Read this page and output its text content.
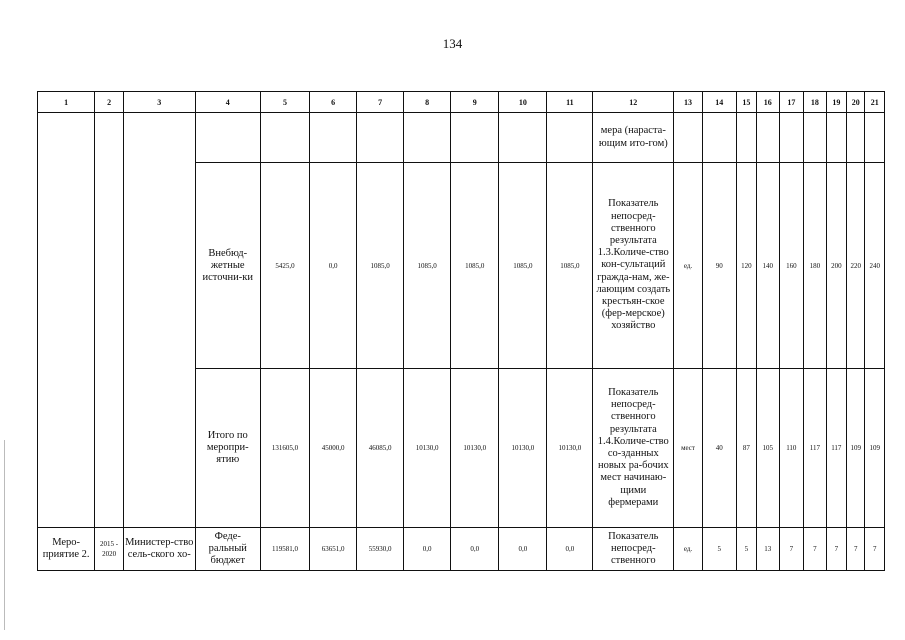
134
1	2	3	4	5	6	7	8	9	10	11	12	13	14	15	16	17	18	19	20	21
											мера (нараста-ющим ито-гом)									
			Внебюд-жетные источни-ки	5425,0	0,0	1085,0	1085,0	1085,0	1085,0	1085,0	Показатель непосред-ственного результата 1.3.Количе-ство кон-сультаций гражда-нам, же-лающим создать крестьян-ское (фер-мерское) хозяйство	ед.	90	120	140	160	180	200	220	240
			Итого по меропри-ятию	131605,0	45000,0	46085,0	10130,0	10130,0	10130,0	10130,0	Показатель непосред-ственного результата 1.4.Количе-ство со-зданных новых ра-бочих мест начинаю-щими фермерами	мест	40	87	105	110	117	117	109	109
Меро-приятие 2.	2015 - 2020	Министер-ство сель-ского хо-	Феде-ральный бюджет	119581,0	63651,0	55930,0	0,0	0,0	0,0	0,0	Показатель непосред-ственного	ед.	5	5	13	7	7	7	7	7
